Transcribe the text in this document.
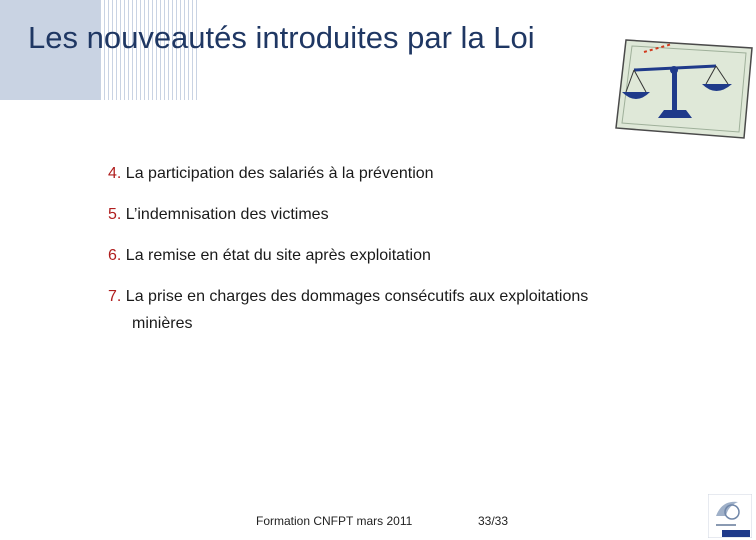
Les nouveautés introduites par la Loi
4. La participation des salariés à la prévention
5. L’indemnisation des victimes
6. La remise en état du site après exploitation
7. La prise en charges des dommages consécutifs aux exploitations
minières
Formation CNFPT mars 2011	33/33
